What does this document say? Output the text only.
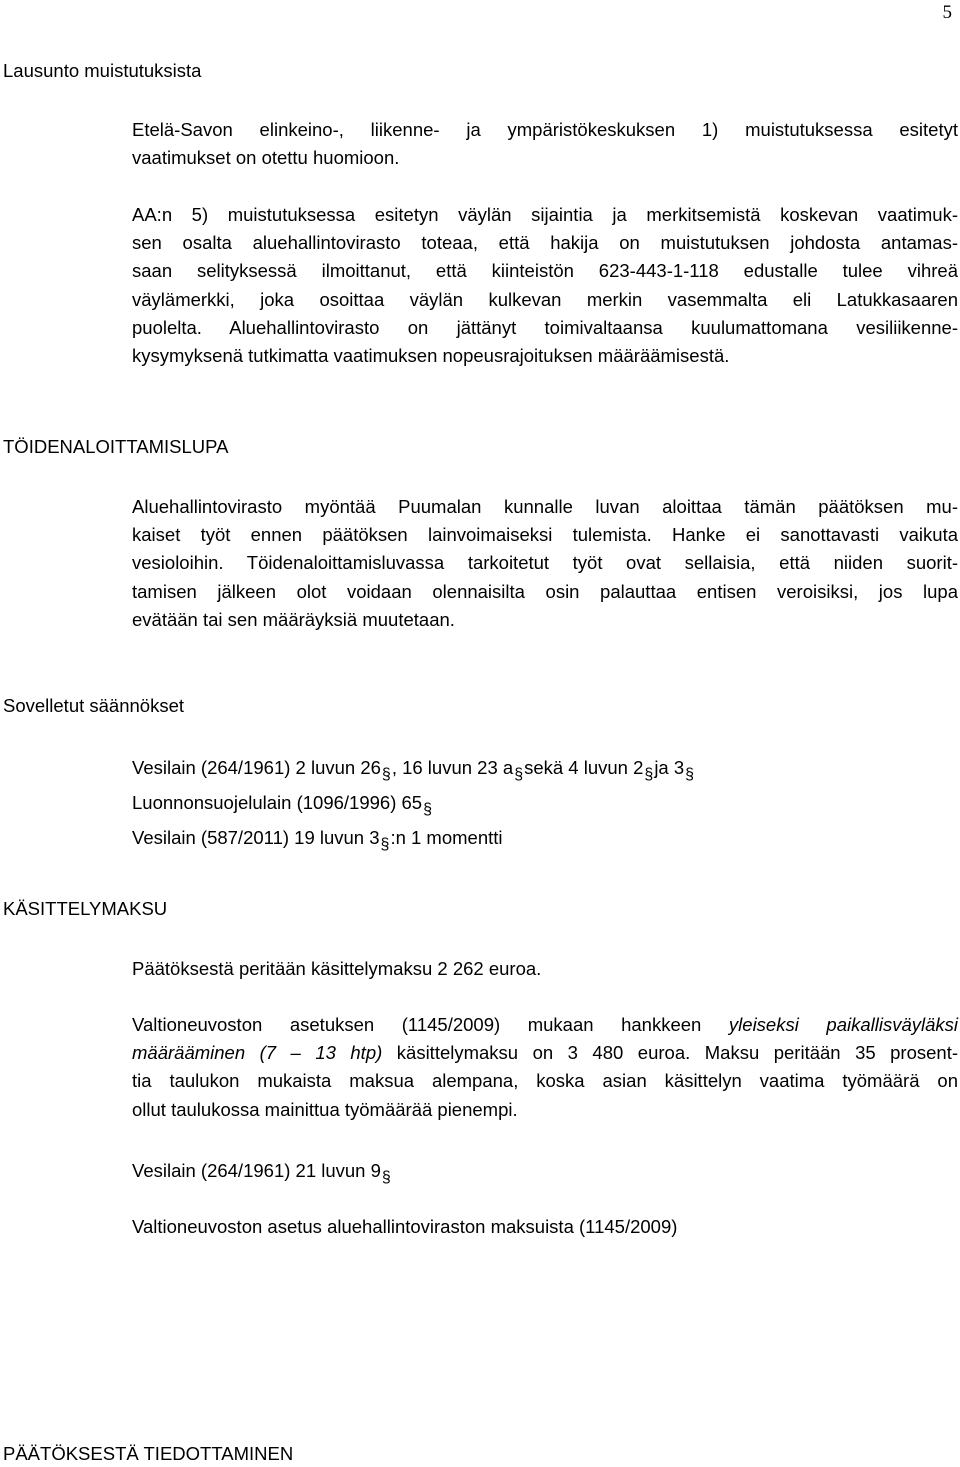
5
Lausunto muistutuksista
Etelä-Savon elinkeino-, liikenne- ja ympäristökeskuksen 1) muistutuksessa esitetyt
vaatimukset on otettu huomioon.
AA:n 5) muistutuksessa esitetyn väylän sijaintia ja merkitsemistä koskevan vaatimuk-
sen osalta aluehallintovirasto toteaa, että hakija on muistutuksen johdosta antamas-
saan selityksessä ilmoittanut, että kiinteistön 623-443-1-118 edustalle tulee vihreä
väylämerkki, joka osoittaa väylän kulkevan merkin vasemmalta eli Latukkasaaren
puolelta. Aluehallintovirasto on jättänyt toimivaltaansa kuulumattomana vesiliikenne-
kysymyksenä tutkimatta vaatimuksen nopeusrajoituksen määräämisestä.
TÖIDENALOITTAMISLUPA
Aluehallintovirasto myöntää Puumalan kunnalle luvan aloittaa tämän päätöksen mu-
kaiset työt ennen päätöksen lainvoimaiseksi tulemista. Hanke ei sanottavasti vaikuta
vesioloihin. Töidenaloittamisluvassa tarkoitetut työt ovat sellaisia, että niiden suorit-
tamisen jälkeen olot voidaan olennaisilta osin palauttaa entisen veroisiksi, jos lupa
evätään tai sen määräyksiä muutetaan.
Sovelletut säännökset
Vesilain (264/1961) 2 luvun 26§, 16 luvun 23 a§sekä 4 luvun 2§ja 3§
Luonnonsuojelulain (1096/1996) 65§
Vesilain (587/2011) 19 luvun 3§:n 1 momentti
KÄSITTELYMAKSU
Päätöksestä peritään käsittelymaksu 2 262 euroa.
Valtioneuvoston asetuksen (1145/2009) mukaan hankkeen yleiseksi paikallisväyläksi
määrääminen (7 – 13 htp) käsittelymaksu on 3 480 euroa. Maksu peritään 35 prosent-
tia taulukon mukaista maksua alempana, koska asian käsittelyn vaatima työmäärä on
ollut taulukossa mainittua työmäärää pienempi.
Vesilain (264/1961) 21 luvun 9§
Valtioneuvoston asetus aluehallintoviraston maksuista (1145/2009)
PÄÄTÖKSESTÄ TIEDOTTAMINEN
